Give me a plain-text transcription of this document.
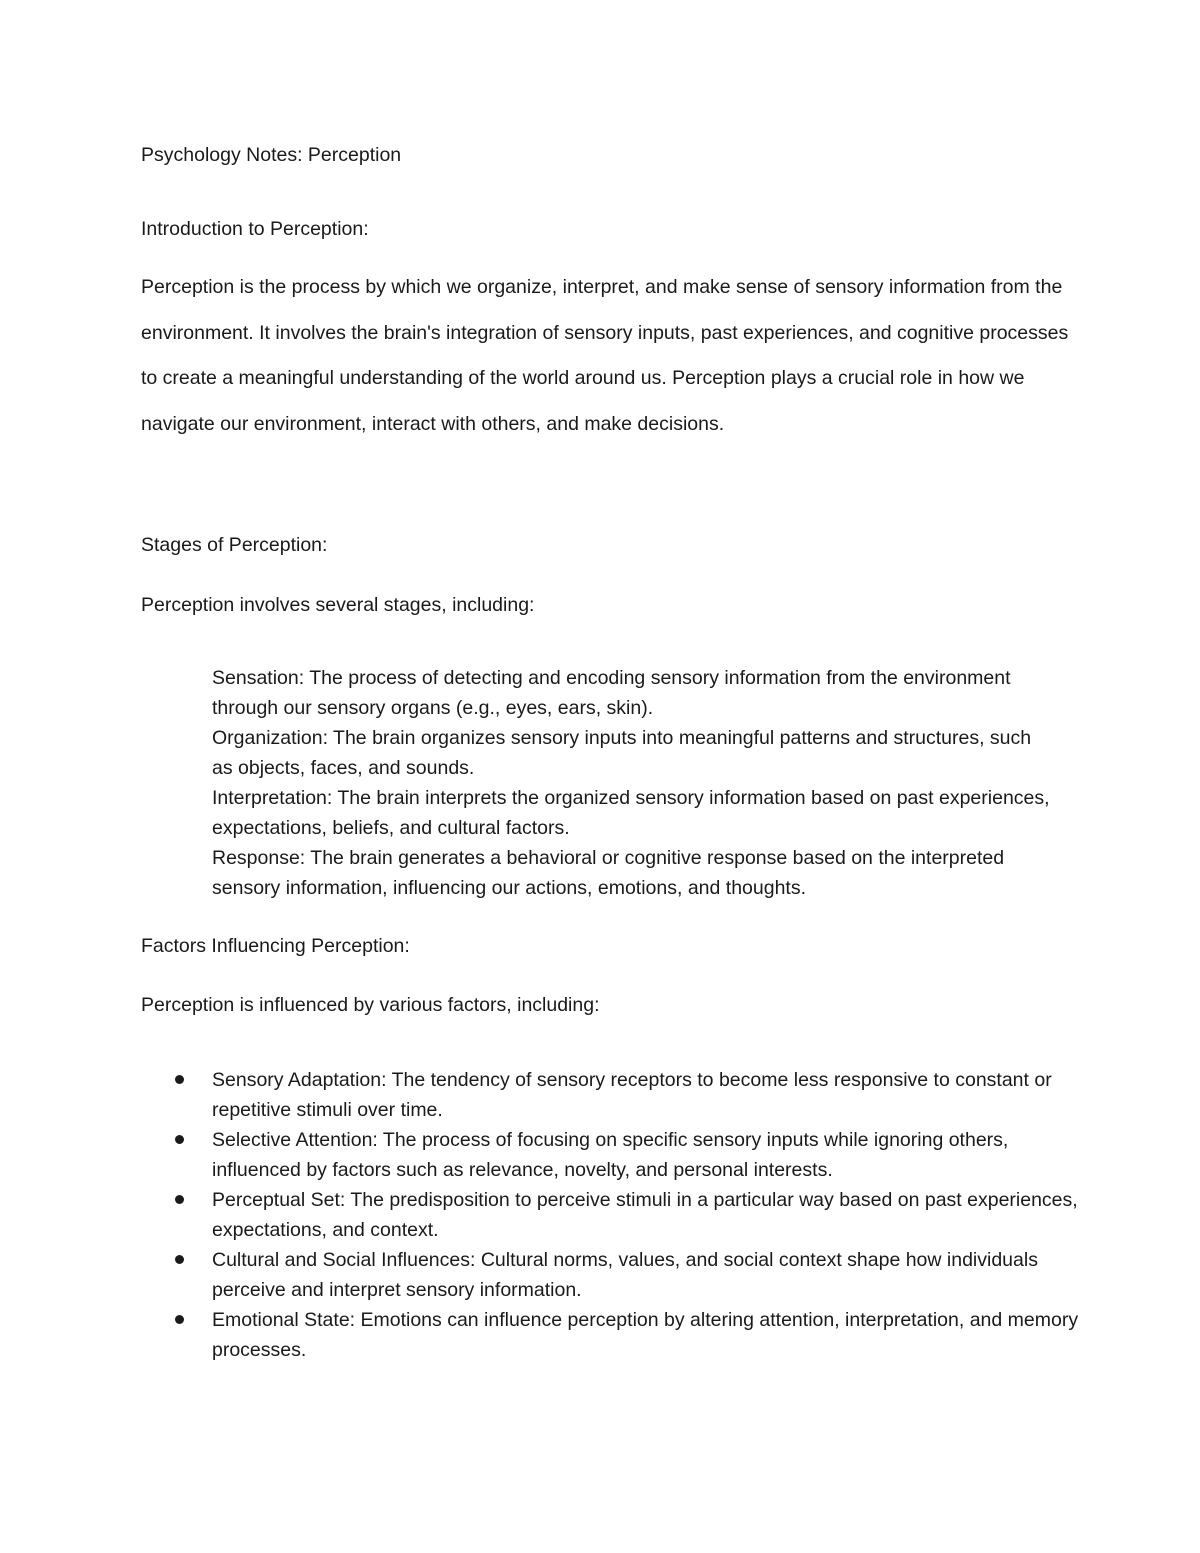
Psychology Notes: Perception
Introduction to Perception:

Perception is the process by which we organize, interpret, and make sense of sensory information from the environment. It involves the brain's integration of sensory inputs, past experiences, and cognitive processes to create a meaningful understanding of the world around us. Perception plays a crucial role in how we navigate our environment, interact with others, and make decisions.

Stages of Perception:
Perception involves several stages, including:
Sensation: The process of detecting and encoding sensory information from the environment through our sensory organs (e.g., eyes, ears, skin).
Organization: The brain organizes sensory inputs into meaningful patterns and structures, such as objects, faces, and sounds.
Interpretation: The brain interprets the organized sensory information based on past experiences, expectations, beliefs, and cultural factors.
Response: The brain generates a behavioral or cognitive response based on the interpreted sensory information, influencing our actions, emotions, and thoughts.
Factors Influencing Perception:
Perception is influenced by various factors, including:
Sensory Adaptation: The tendency of sensory receptors to become less responsive to constant or repetitive stimuli over time.
Selective Attention: The process of focusing on specific sensory inputs while ignoring others, influenced by factors such as relevance, novelty, and personal interests.
Perceptual Set: The predisposition to perceive stimuli in a particular way based on past experiences, expectations, and context.
Cultural and Social Influences: Cultural norms, values, and social context shape how individuals perceive and interpret sensory information.
Emotional State: Emotions can influence perception by altering attention, interpretation, and memory processes.
